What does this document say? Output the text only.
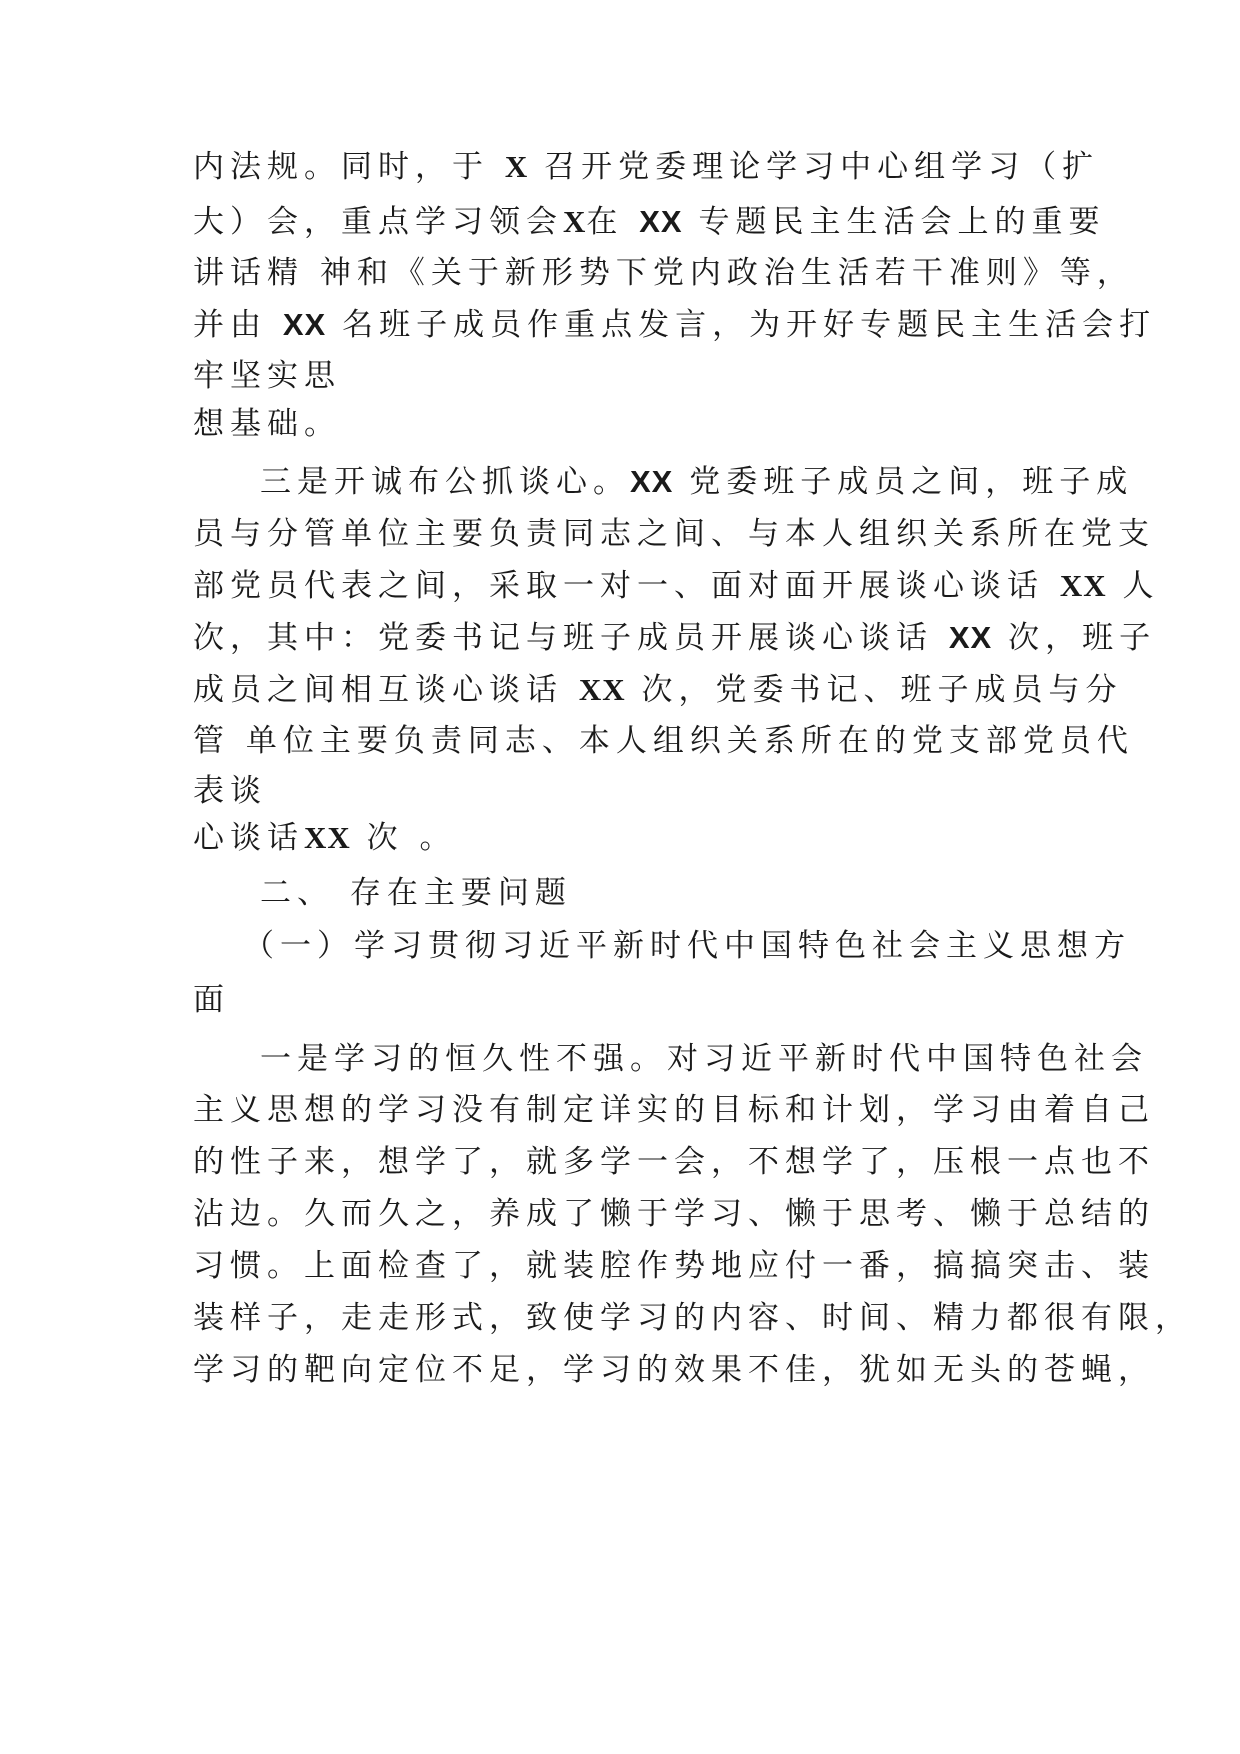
内法规。同时，于 X 召开党委理论学习中心组学习（扩
大）会，重点学习领会X在 XX 专题民主生活会上的重要
讲话精 神和《关于新形势下党内政治生活若干准则》等，
并由 XX 名班子成员作重点发言，为开好专题民主生活会打
牢坚实思
想基础。
三是开诚布公抓谈心。XX 党委班子成员之间，班子成
员与分管单位主要负责同志之间、与本人组织关系所在党支
部党员代表之间，采取一对一、面对面开展谈心谈话 XX 人
次，其中：党委书记与班子成员开展谈心谈话 XX 次，班子
成员之间相互谈心谈话 XX 次，党委书记、班子成员与分
管 单位主要负责同志、本人组织关系所在的党支部党员代
表谈
心谈话XX 次 。
二、 存在主要问题
（一）学习贯彻习近平新时代中国特色社会主义思想方
面
一是学习的恒久性不强。对习近平新时代中国特色社会
主义思想的学习没有制定详实的目标和计划，学习由着自己
的性子来，想学了，就多学一会，不想学了，压根一点也不
沾边。久而久之，养成了懒于学习、懒于思考、懒于总结的
习惯。上面检查了，就装腔作势地应付一番，搞搞突击、装
装样子，走走形式，致使学习的内容、时间、精力都很有限，
学习的靶向定位不足，学习的效果不佳，犹如无头的苍蝇，
